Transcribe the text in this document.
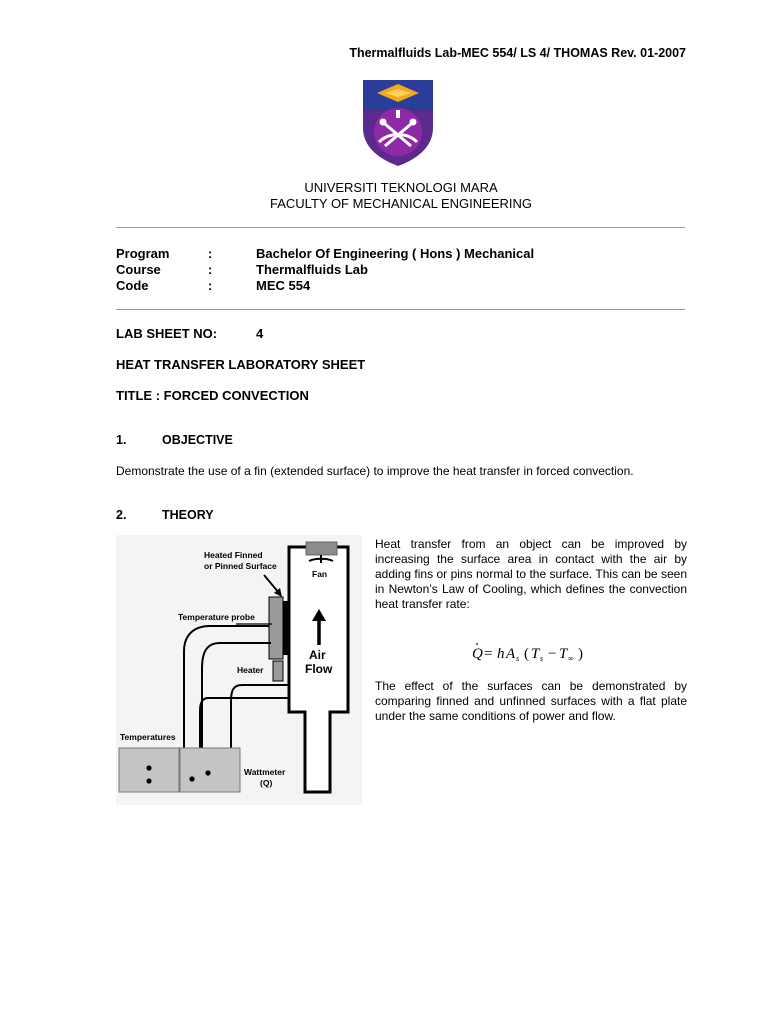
Thermalfluids Lab-MEC 554/ LS 4/ THOMAS Rev. 01-2007
UNIVERSITI TEKNOLOGI MARA
FACULTY OF MECHANICAL ENGINEERING
Program	:	Bachelor Of Engineering ( Hons ) Mechanical
Course	:	Thermalfluids Lab
Code	:	MEC 554
LAB SHEET NO:	4
HEAT TRANSFER LABORATORY SHEET
TITLE : FORCED CONVECTION
1.	OBJECTIVE
Demonstrate the use of a fin (extended surface) to improve the heat transfer in forced convection.
2.	THEORY
Heat transfer from an object can be improved by increasing the surface area in contact with the air by adding fins or pins normal to the surface. This can be seen in Newton’s Law of Cooling, which defines the convection heat transfer rate:
Q = h A s ( T s − T ∞ )
The effect of the surfaces can be demonstrated by comparing finned and unfinned surfaces with a flat plate under the same conditions of power and flow.
Heated Finned
or Pinned Surface
Fan
Temperature probe
Air
Flow
Heater
Temperatures
Wattmeter
(Q)
